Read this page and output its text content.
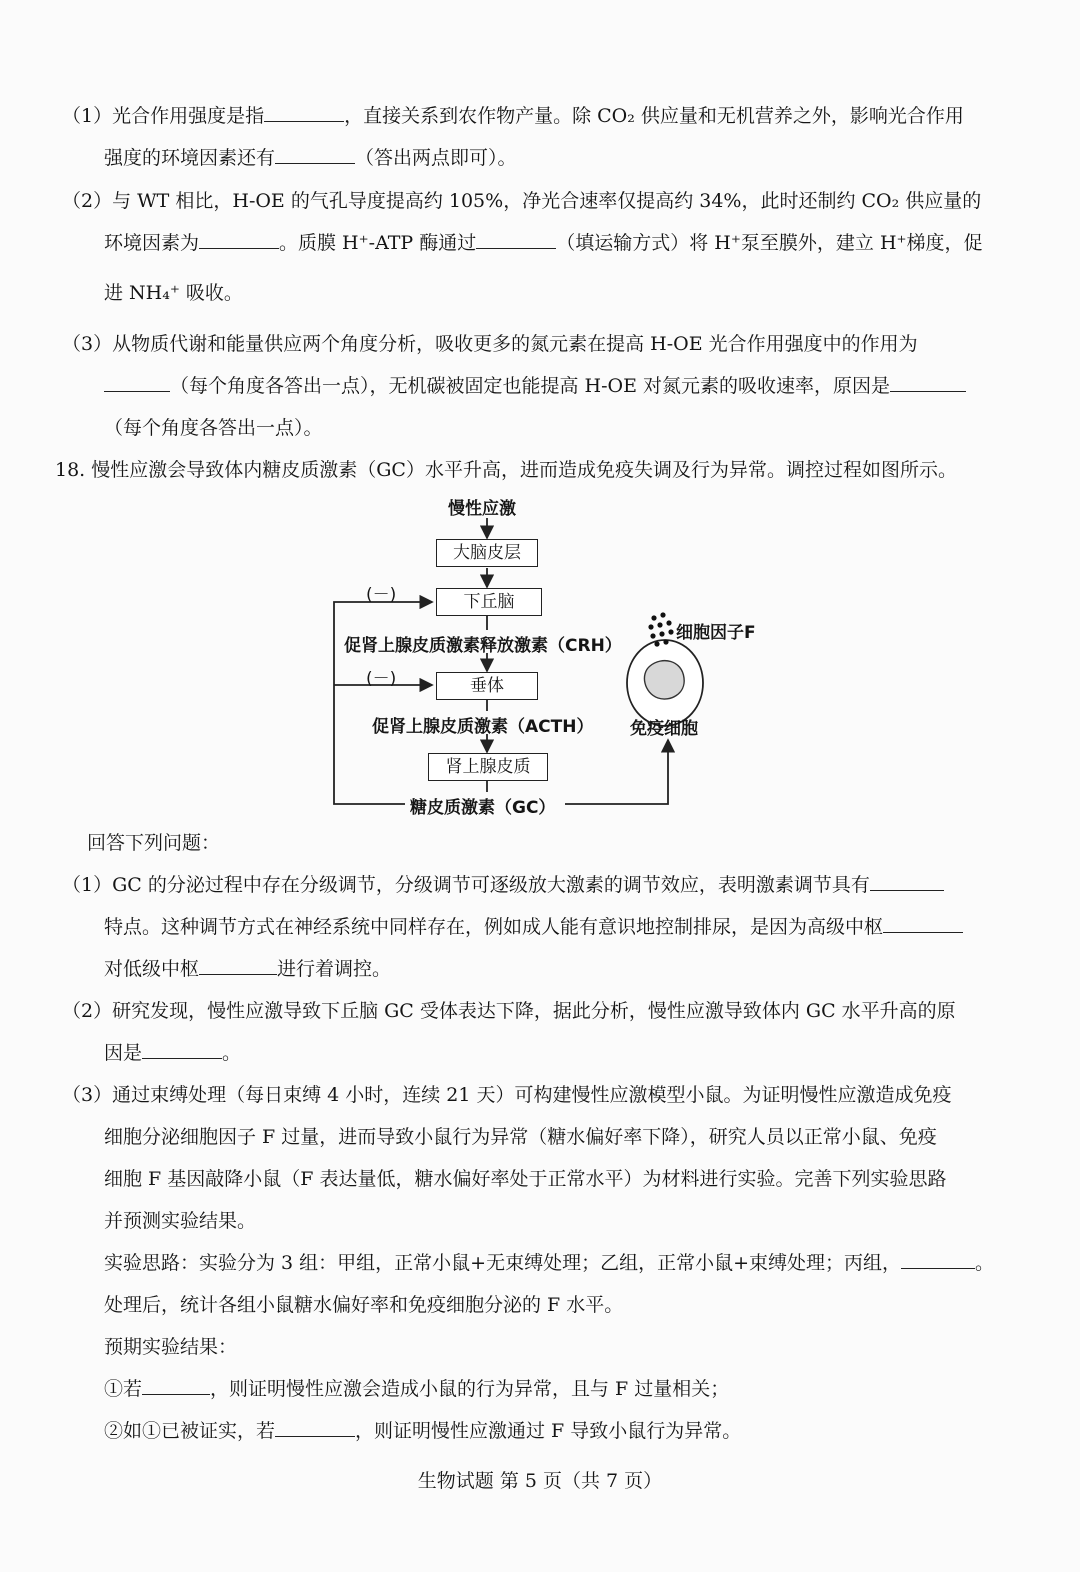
（1）光合作用强度是指	，直接关系到农作物产量。除 CO₂ 供应量和无机营养之外，影响光合作用
强度的环境因素还有	（答出两点即可）。
（2）与 WT 相比，H-OE 的气孔导度提高约 105%，净光合速率仅提高约 34%，此时还制约 CO₂ 供应量的
环境因素为	。质膜 H⁺-ATP 酶通过	（填运输方式）将 H⁺泵至膜外，建立 H⁺梯度，促
进 NH₄⁺ 吸收。
（3）从物质代谢和能量供应两个角度分析，吸收更多的氮元素在提高 H-OE 光合作用强度中的作用为
（每个角度各答出一点），无机碳被固定也能提高 H-OE 对氮元素的吸收速率，原因是
（每个角度各答出一点）。
18. 慢性应激会导致体内糖皮质激素（GC）水平升高，进而造成免疫失调及行为异常。调控过程如图所示。
慢性应激
大脑皮层
下丘脑
促肾上腺皮质激素释放激素（CRH）
垂体
促肾上腺皮质激素（ACTH）
肾上腺皮质
糖皮质激素（GC）
(－)
(－)
细胞因子F
免疫细胞
回答下列问题：
（1）GC 的分泌过程中存在分级调节，分级调节可逐级放大激素的调节效应，表明激素调节具有
特点。这种调节方式在神经系统中同样存在，例如成人能有意识地控制排尿，是因为高级中枢
对低级中枢	进行着调控。
（2）研究发现，慢性应激导致下丘脑 GC 受体表达下降，据此分析，慢性应激导致体内 GC 水平升高的原
因是	。
（3）通过束缚处理（每日束缚 4 小时，连续 21 天）可构建慢性应激模型小鼠。为证明慢性应激造成免疫
细胞分泌细胞因子 F 过量，进而导致小鼠行为异常（糖水偏好率下降），研究人员以正常小鼠、免疫
细胞 F 基因敲降小鼠（F 表达量低，糖水偏好率处于正常水平）为材料进行实验。完善下列实验思路
并预测实验结果。
实验思路：实验分为 3 组：甲组，正常小鼠+无束缚处理；乙组，正常小鼠+束缚处理；丙组，	。
处理后，统计各组小鼠糖水偏好率和免疫细胞分泌的 F 水平。
预期实验结果：
①若	，则证明慢性应激会造成小鼠的行为异常，且与 F 过量相关；
②如①已被证实，若	，则证明慢性应激通过 F 导致小鼠行为异常。
生物试题 第 5 页（共 7 页）
